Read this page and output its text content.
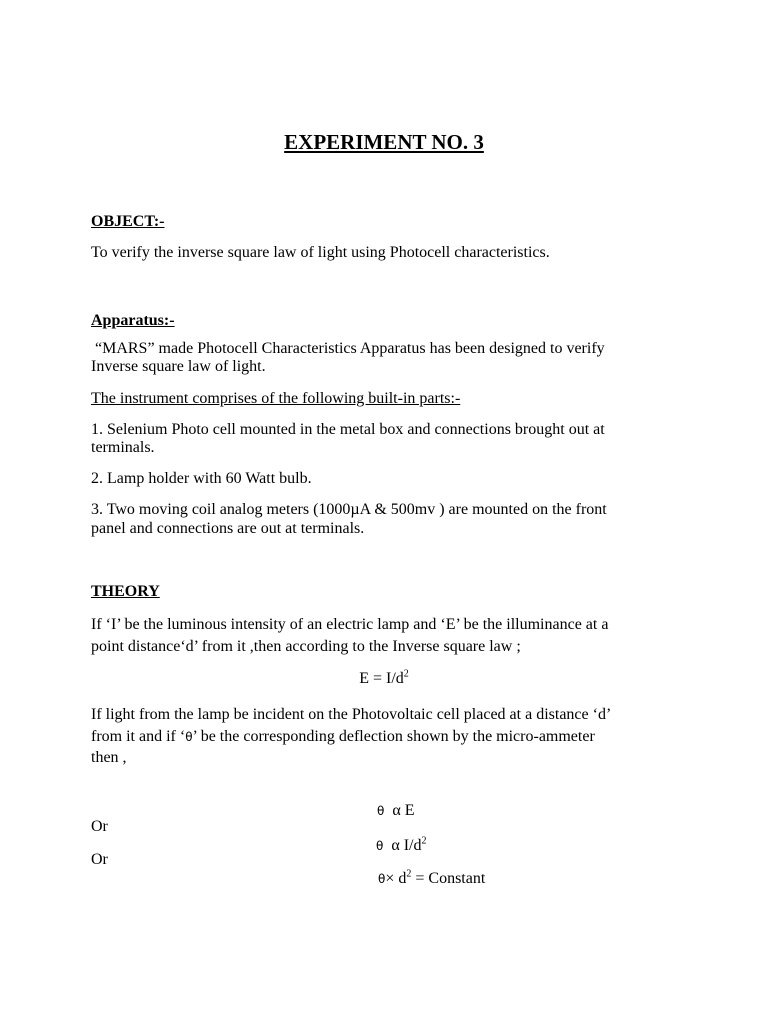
EXPERIMENT NO. 3
OBJECT:-
To verify the inverse square law of light using Photocell characteristics.
Apparatus:-
“MARS” made Photocell Characteristics Apparatus has been designed to verify
Inverse square law of light.
The instrument comprises of the following built-in parts:-
1. Selenium Photo cell mounted in the metal box and connections brought out at
terminals.
2. Lamp holder with 60 Watt bulb.
3. Two moving coil analog meters (1000µA & 500mv ) are mounted on the front
panel and connections are out at terminals.
THEORY
If ‘I’ be the luminous intensity of an electric lamp and ‘E’ be the illuminance at a
point distance‘d’ from it ,then according to the Inverse square law ;
$E = I/d^2$
If light from the lamp be incident on the Photovoltaic cell placed at a distance ‘d’
from it and if ‘θ’ be the corresponding deflection shown by the micro-ammeter
then ,

θ  α E

Or

θ  α $I/d^2$

Or

$\theta\times d^2$ = Constant
